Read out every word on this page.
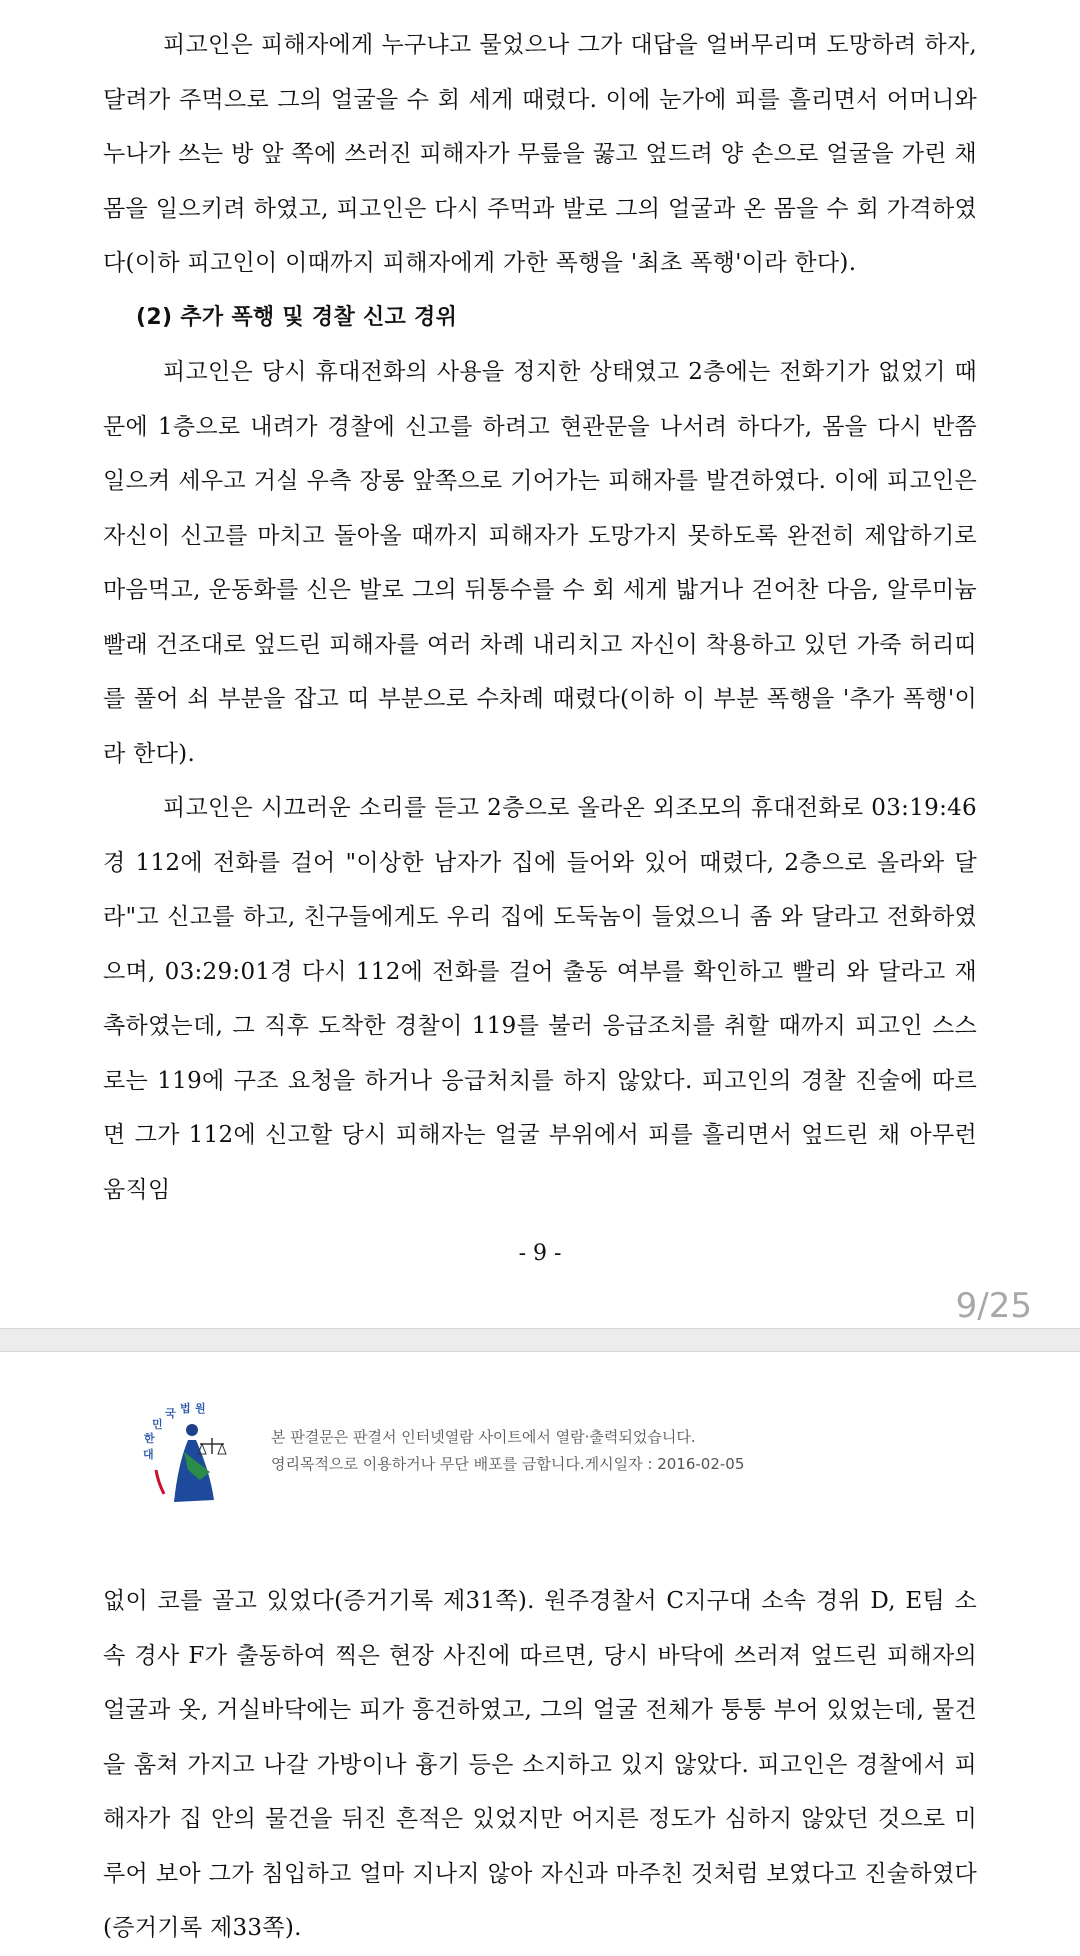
피고인은 피해자에게 누구냐고 물었으나 그가 대답을 얼버무리며 도망하려 하자, 달려가 주먹으로 그의 얼굴을 수 회 세게 때렸다. 이에 눈가에 피를 흘리면서 어머니와 누나가 쓰는 방 앞 쪽에 쓰러진 피해자가 무릎을 꿇고 엎드려 양 손으로 얼굴을 가린 채 몸을 일으키려 하였고, 피고인은 다시 주먹과 발로 그의 얼굴과 온 몸을 수 회 가격하였다(이하 피고인이 이때까지 피해자에게 가한 폭행을 '최초 폭행'이라 한다).

(2) 추가 폭행 및 경찰 신고 경위

피고인은 당시 휴대전화의 사용을 정지한 상태였고 2층에는 전화기가 없었기 때문에 1층으로 내려가 경찰에 신고를 하려고 현관문을 나서려 하다가, 몸을 다시 반쯤 일으켜 세우고 거실 우측 장롱 앞쪽으로 기어가는 피해자를 발견하였다. 이에 피고인은 자신이 신고를 마치고 돌아올 때까지 피해자가 도망가지 못하도록 완전히 제압하기로 마음먹고, 운동화를 신은 발로 그의 뒤통수를 수 회 세게 밟거나 걷어찬 다음, 알루미늄 빨래 건조대로 엎드린 피해자를 여러 차례 내리치고 자신이 착용하고 있던 가죽 허리띠를 풀어 쇠 부분을 잡고 띠 부분으로 수차례 때렸다(이하 이 부분 폭행을 '추가 폭행'이라 한다).

피고인은 시끄러운 소리를 듣고 2층으로 올라온 외조모의 휴대전화로 03:19:46경 112에 전화를 걸어 "이상한 남자가 집에 들어와 있어 때렸다, 2층으로 올라와 달라"고 신고를 하고, 친구들에게도 우리 집에 도둑놈이 들었으니 좀 와 달라고 전화하였으며, 03:29:01경 다시 112에 전화를 걸어 출동 여부를 확인하고 빨리 와 달라고 재촉하였는데, 그 직후 도착한 경찰이 119를 불러 응급조치를 취할 때까지 피고인 스스로는 119에 구조 요청을 하거나 응급처치를 하지 않았다. 피고인의 경찰 진술에 따르면 그가 112에 신고할 당시 피해자는 얼굴 부위에서 피를 흘리면서 엎드린 채 아무런 움직임

- 9 -
9/25
대 한 민 국 법 원
본 판결문은 판결서 인터넷열람 사이트에서 열람·출력되었습니다.
영리목적으로 이용하거나 무단 배포를 금합니다.게시일자 : 2016-02-05

없이 코를 골고 있었다(증거기록 제31쪽). 원주경찰서 C지구대 소속 경위 D, E팀 소속 경사 F가 출동하여 찍은 현장 사진에 따르면, 당시 바닥에 쓰러져 엎드린 피해자의 얼굴과 옷, 거실바닥에는 피가 흥건하였고, 그의 얼굴 전체가 퉁퉁 부어 있었는데, 물건을 훔쳐 가지고 나갈 가방이나 흉기 등은 소지하고 있지 않았다. 피고인은 경찰에서 피해자가 집 안의 물건을 뒤진 흔적은 있었지만 어지른 정도가 심하지 않았던 것으로 미루어 보아 그가 침입하고 얼마 지나지 않아 자신과 마주친 것처럼 보였다고 진술하였다(증거기록 제33쪽).
